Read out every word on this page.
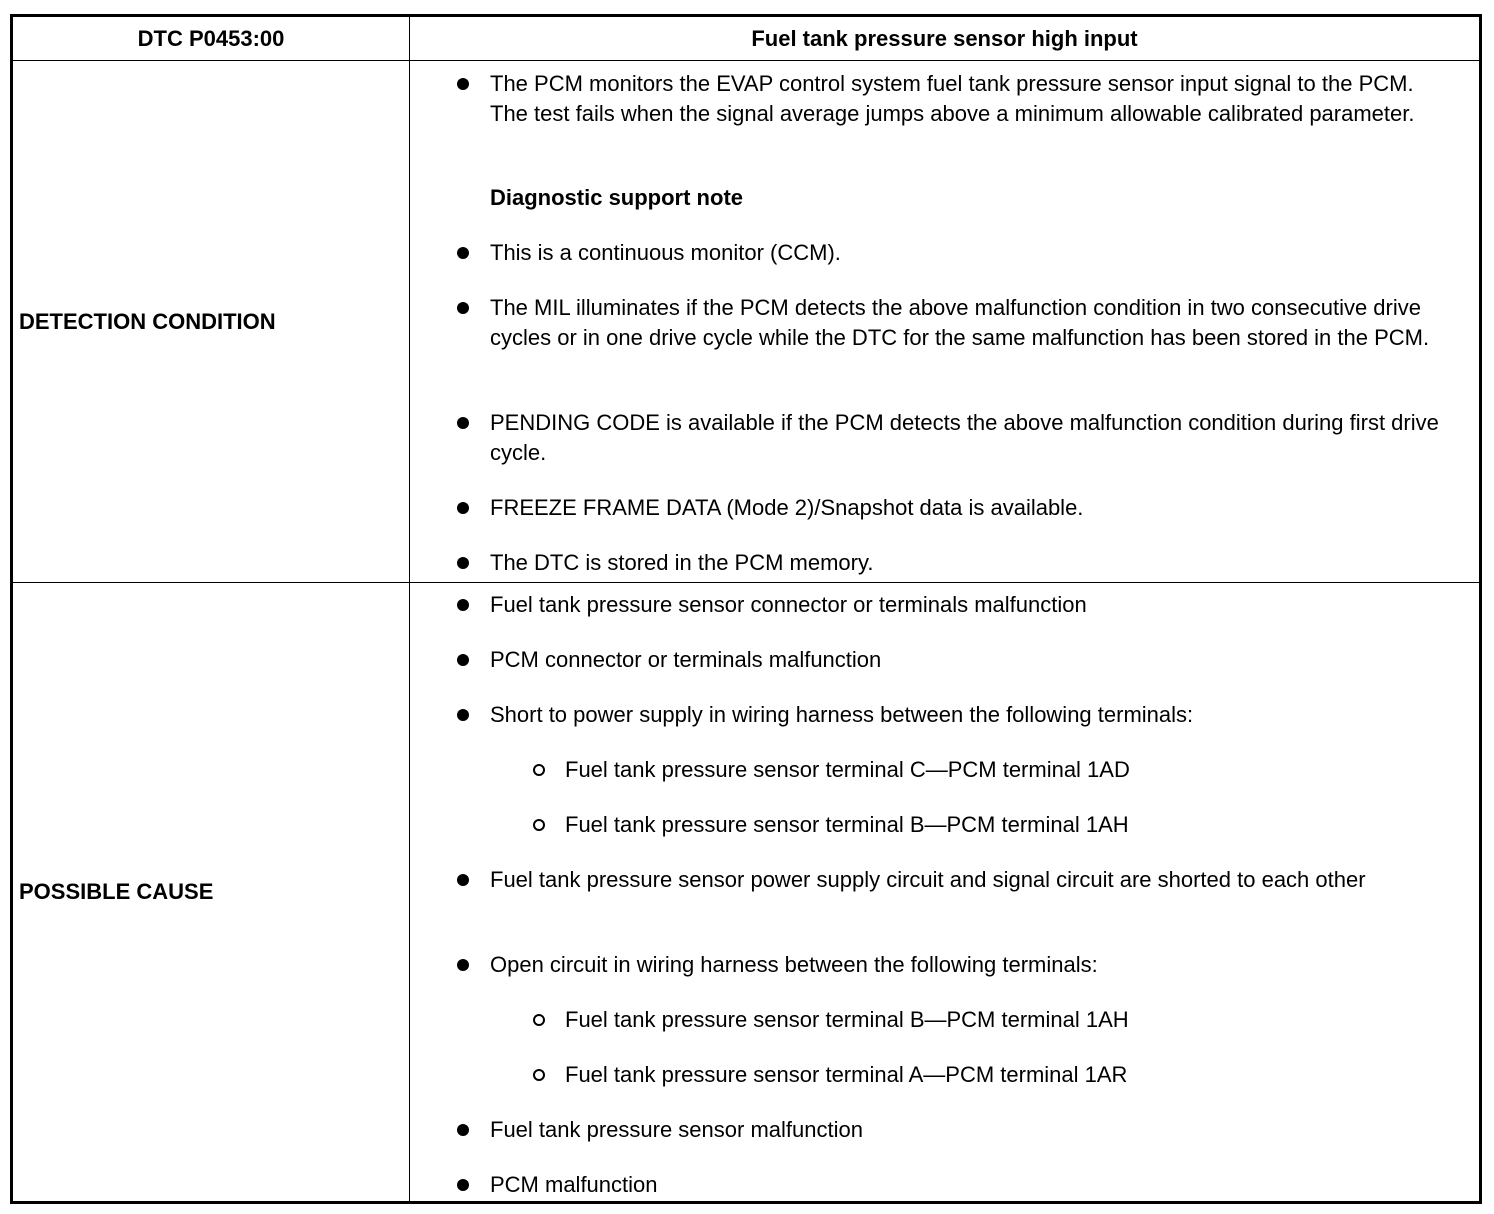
DTC P0453:00	Fuel tank pressure sensor high input
DETECTION CONDITION
The PCM monitors the EVAP control system fuel tank pressure sensor input signal to the PCM. The test fails when the signal average jumps above a minimum allowable calibrated parameter.
Diagnostic support note
This is a continuous monitor (CCM).
The MIL illuminates if the PCM detects the above malfunction condition in two consecutive drive cycles or in one drive cycle while the DTC for the same malfunction has been stored in the PCM.
PENDING CODE is available if the PCM detects the above malfunction condition during first drive cycle.
FREEZE FRAME DATA (Mode 2)/Snapshot data is available.
The DTC is stored in the PCM memory.
POSSIBLE CAUSE
Fuel tank pressure sensor connector or terminals malfunction
PCM connector or terminals malfunction
Short to power supply in wiring harness between the following terminals:
Fuel tank pressure sensor terminal C—PCM terminal 1AD
Fuel tank pressure sensor terminal B—PCM terminal 1AH
Fuel tank pressure sensor power supply circuit and signal circuit are shorted to each other
Open circuit in wiring harness between the following terminals:
Fuel tank pressure sensor terminal B—PCM terminal 1AH
Fuel tank pressure sensor terminal A—PCM terminal 1AR
Fuel tank pressure sensor malfunction
PCM malfunction
